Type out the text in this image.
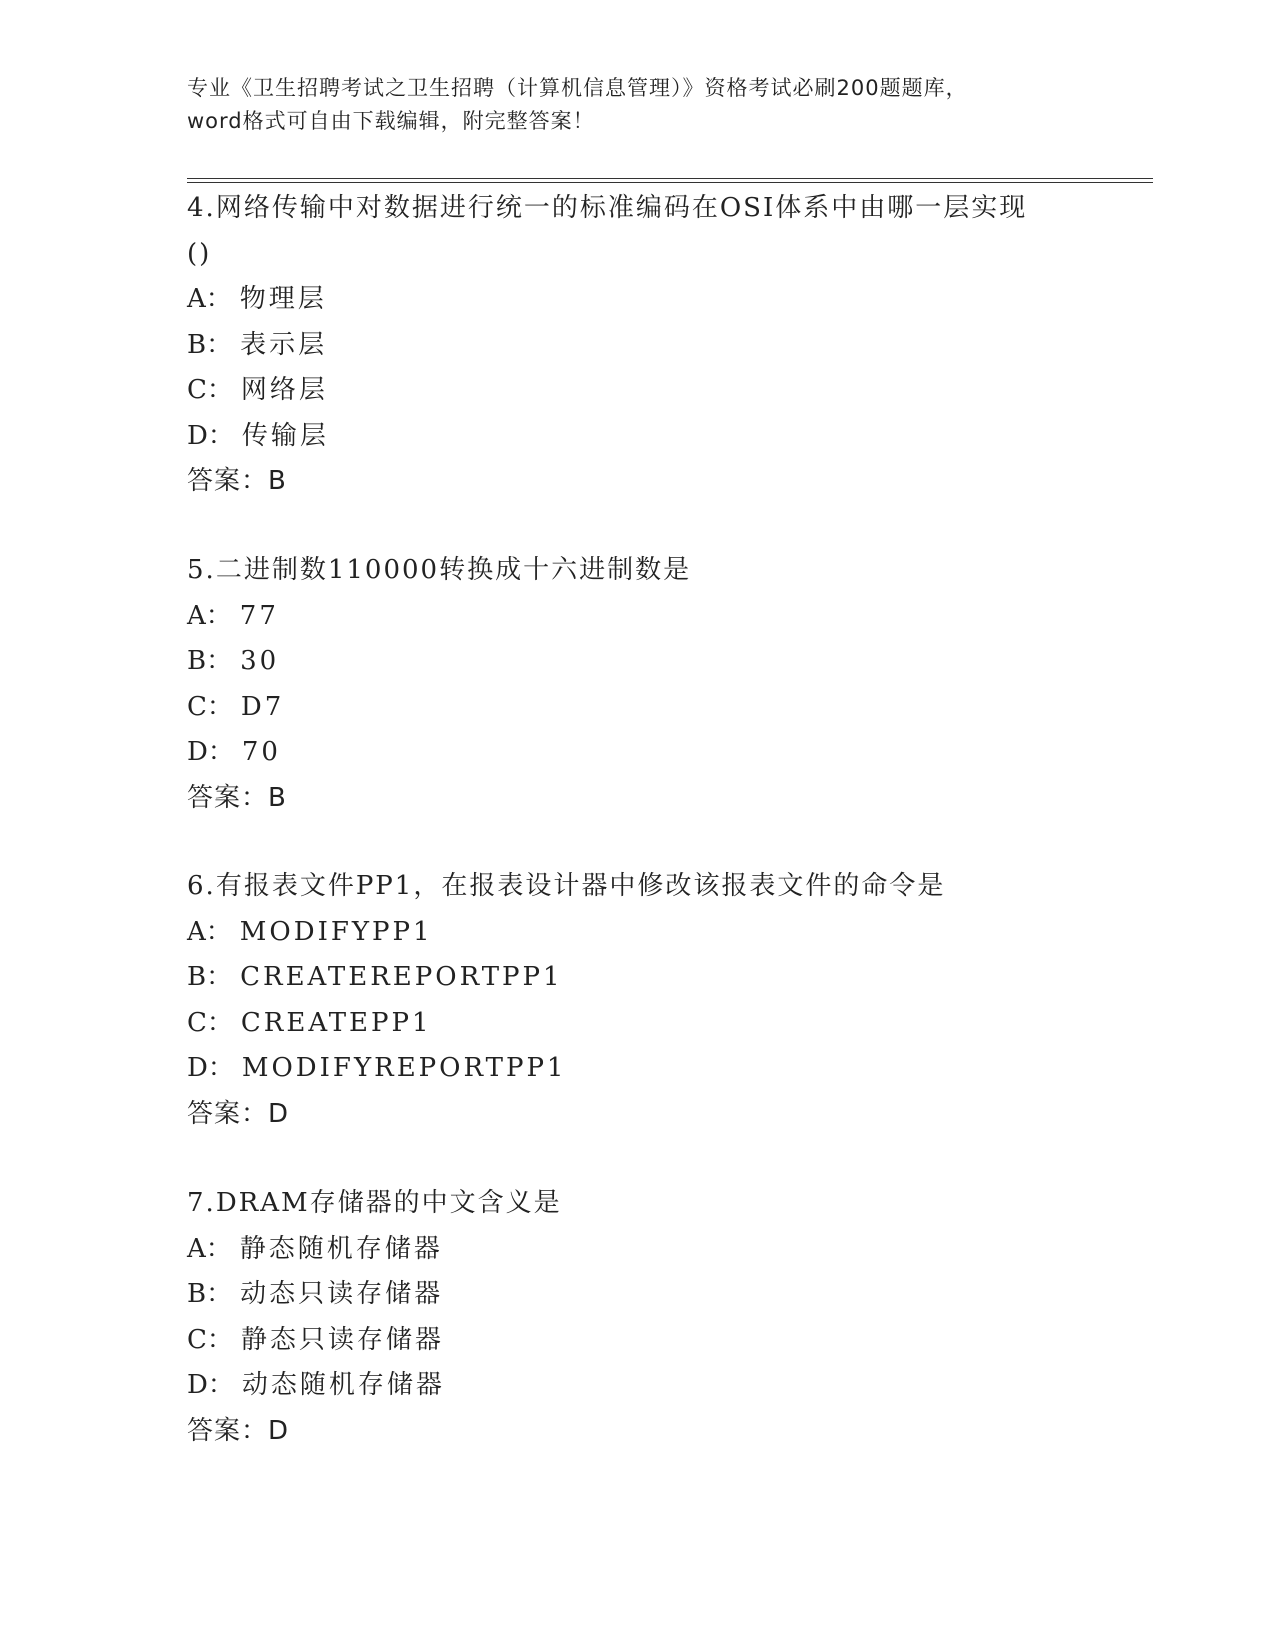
专业《卫生招聘考试之卫生招聘（计算机信息管理）》资格考试必刷200题题库，
word格式可自由下载编辑，附完整答案！
4.网络传输中对数据进行统一的标准编码在OSI体系中由哪一层实现
()
A： 物理层
B： 表示层
C： 网络层
D： 传输层
答案：B
5.二进制数110000转换成十六进制数是
A： 77
B： 30
C： D7
D： 70
答案：B
6.有报表文件PP1，在报表设计器中修改该报表文件的命令是
A： MODIFYPP1
B： CREATEREPORTPP1
C： CREATEPP1
D： MODIFYREPORTPP1
答案：D
7.DRAM存储器的中文含义是
A： 静态随机存储器
B： 动态只读存储器
C： 静态只读存储器
D： 动态随机存储器
答案：D
